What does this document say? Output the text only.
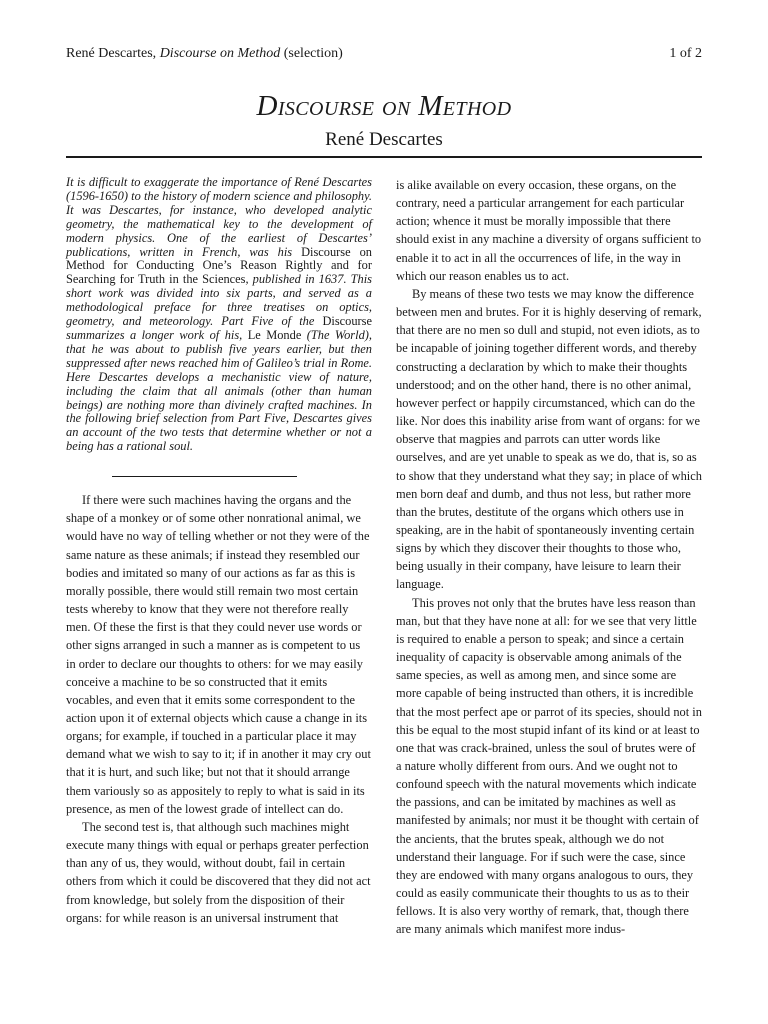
René Descartes, Discourse on Method (selection)	1 of 2
Discourse on Method
René Descartes

It is difficult to exaggerate the importance of René Descartes (1596-1650) to the history of modern science and philosophy. It was Descartes, for instance, who developed analytic geometry, the mathematical key to the development of modern physics. One of the earliest of Descartes’ publications, written in French, was his Discourse on Method for Conducting One’s Reason Rightly and for Searching for Truth in the Sciences, published in 1637. This short work was divided into six parts, and served as a methodological preface for three treatises on optics, geometry, and meteorology. Part Five of the Discourse summarizes a longer work of his, Le Monde (The World), that he was about to publish five years earlier, but then suppressed after news reached him of Galileo’s trial in Rome. Here Descartes develops a mechanistic view of nature, including the claim that all animals (other than human beings) are nothing more than divinely crafted machines. In the following brief selection from Part Five, Descartes gives an account of the two tests that determine whether or not a being has a rational soul.

If there were such machines having the organs and the shape of a monkey or of some other nonrational animal, we would have no way of telling whether or not they were of the same nature as these animals; if instead they resembled our bodies and imitated so many of our actions as far as this is morally possible, there would still remain two most certain tests whereby to know that they were not therefore really men. Of these the first is that they could never use words or other signs arranged in such a manner as is competent to us in order to declare our thoughts to others: for we may easily conceive a machine to be so constructed that it emits vocables, and even that it emits some correspondent to the action upon it of external objects which cause a change in its organs; for example, if touched in a particular place it may demand what we wish to say to it; if in another it may cry out that it is hurt, and such like; but not that it should arrange them variously so as appositely to reply to what is said in its presence, as men of the lowest grade of intellect can do.

The second test is, that although such machines might execute many things with equal or perhaps greater perfection than any of us, they would, without doubt, fail in certain others from which it could be discovered that they did not act from knowledge, but solely from the disposition of their organs: for while reason is an universal instrument that

is alike available on every occasion, these organs, on the contrary, need a particular arrangement for each particular action; whence it must be morally impossible that there should exist in any machine a diversity of organs sufficient to enable it to act in all the occurrences of life, in the way in which our reason enables us to act.

By means of these two tests we may know the difference between men and brutes. For it is highly deserving of remark, that there are no men so dull and stupid, not even idiots, as to be incapable of joining together different words, and thereby constructing a declaration by which to make their thoughts understood; and on the other hand, there is no other animal, however perfect or happily circumstanced, which can do the like. Nor does this inability arise from want of organs: for we observe that magpies and parrots can utter words like ourselves, and are yet unable to speak as we do, that is, so as to show that they understand what they say; in place of which men born deaf and dumb, and thus not less, but rather more than the brutes, destitute of the organs which others use in speaking, are in the habit of spontaneously inventing certain signs by which they discover their thoughts to those who, being usually in their company, have leisure to learn their language.

This proves not only that the brutes have less reason than man, but that they have none at all: for we see that very little is required to enable a person to speak; and since a certain inequality of capacity is observable among animals of the same species, as well as among men, and since some are more capable of being instructed than others, it is incredible that the most perfect ape or parrot of its species, should not in this be equal to the most stupid infant of its kind or at least to one that was crack-brained, unless the soul of brutes were of a nature wholly different from ours. And we ought not to confound speech with the natural movements which indicate the passions, and can be imitated by machines as well as manifested by animals; nor must it be thought with certain of the ancients, that the brutes speak, although we do not understand their language. For if such were the case, since they are endowed with many organs analogous to ours, they could as easily communicate their thoughts to us as to their fellows. It is also very worthy of remark, that, though there are many animals which manifest more indus-
